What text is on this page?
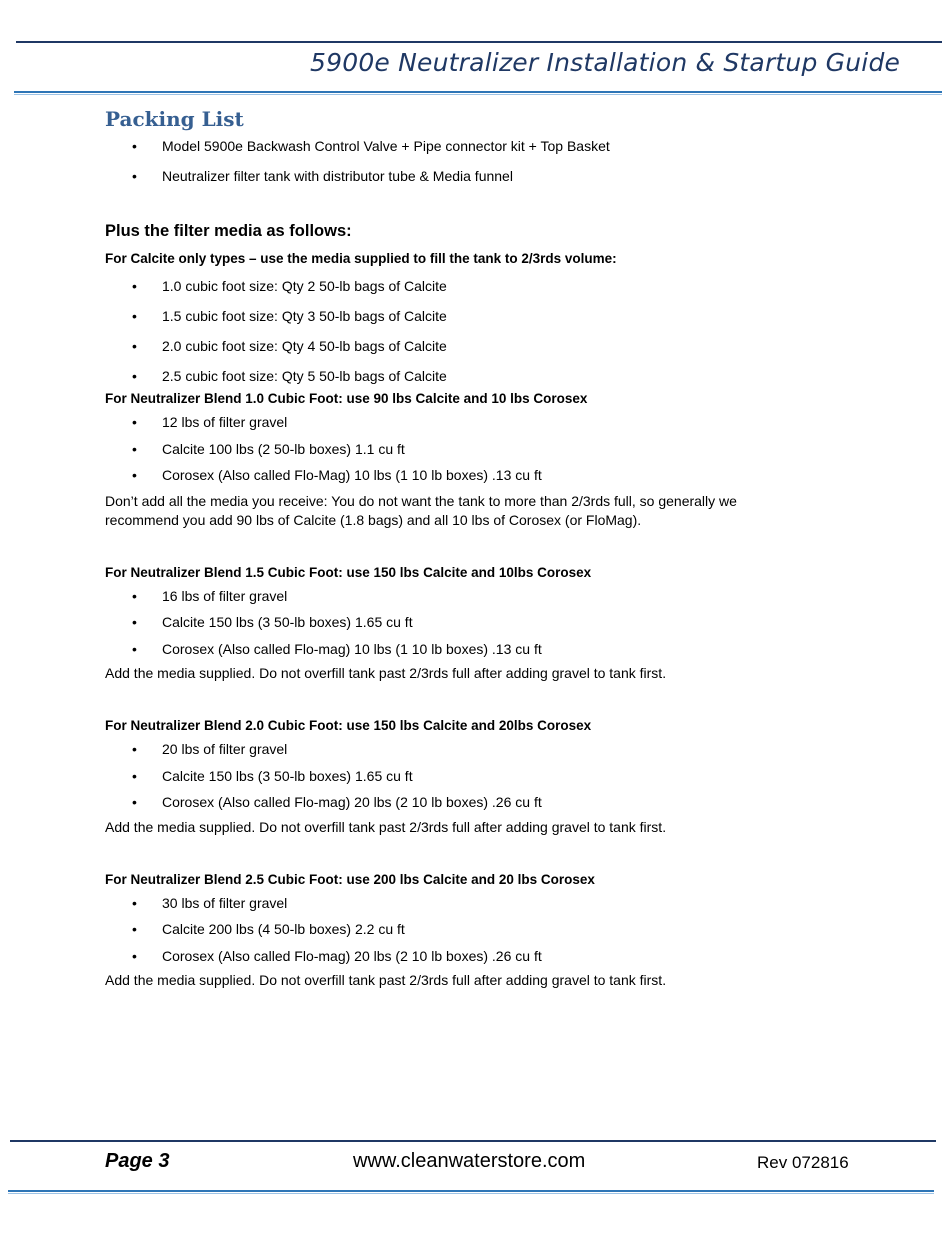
5900e Neutralizer Installation & Startup Guide
Packing List
• Model 5900e Backwash Control Valve + Pipe connector kit + Top Basket
• Neutralizer filter tank with distributor tube & Media funnel
Plus the filter media as follows:

For Calcite only types – use the media supplied to fill the tank to 2/3rds volume:

• 1.0 cubic foot size: Qty 2 50-lb bags of Calcite
• 1.5 cubic foot size: Qty 3 50-lb bags of Calcite
• 2.0 cubic foot size: Qty 4 50-lb bags of Calcite
• 2.5 cubic foot size: Qty 5 50-lb bags of Calcite

For Neutralizer Blend 1.0 Cubic Foot: use 90 lbs Calcite and 10 lbs Corosex

• 12 lbs of filter gravel
• Calcite 100 lbs (2 50-lb boxes) 1.1 cu ft
• Corosex (Also called Flo-Mag) 10 lbs (1 10 lb boxes) .13 cu ft

Don’t add all the media you receive: You do not want the tank to more than 2/3rds full, so generally we recommend you add 90 lbs of Calcite (1.8 bags) and all 10 lbs of Corosex (or FloMag).

For Neutralizer Blend 1.5 Cubic Foot: use 150 lbs Calcite and 10lbs Corosex

• 16 lbs of filter gravel
• Calcite 150 lbs (3 50-lb boxes) 1.65 cu ft
• Corosex (Also called Flo-mag) 10 lbs (1 10 lb boxes) .13 cu ft

Add the media supplied. Do not overfill tank past 2/3rds full after adding gravel to tank first.

For Neutralizer Blend 2.0 Cubic Foot: use 150 lbs Calcite and 20lbs Corosex

• 20 lbs of filter gravel
• Calcite 150 lbs (3 50-lb boxes) 1.65 cu ft
• Corosex (Also called Flo-mag) 20 lbs (2 10 lb boxes) .26 cu ft

Add the media supplied. Do not overfill tank past 2/3rds full after adding gravel to tank first.

For Neutralizer Blend 2.5 Cubic Foot: use 200 lbs Calcite and 20 lbs Corosex

• 30 lbs of filter gravel
• Calcite 200 lbs (4 50-lb boxes) 2.2 cu ft
• Corosex (Also called Flo-mag) 20 lbs (2 10 lb boxes) .26 cu ft

Add the media supplied. Do not overfill tank past 2/3rds full after adding gravel to tank first.

Page 3	www.cleanwaterstore.com	Rev 072816
